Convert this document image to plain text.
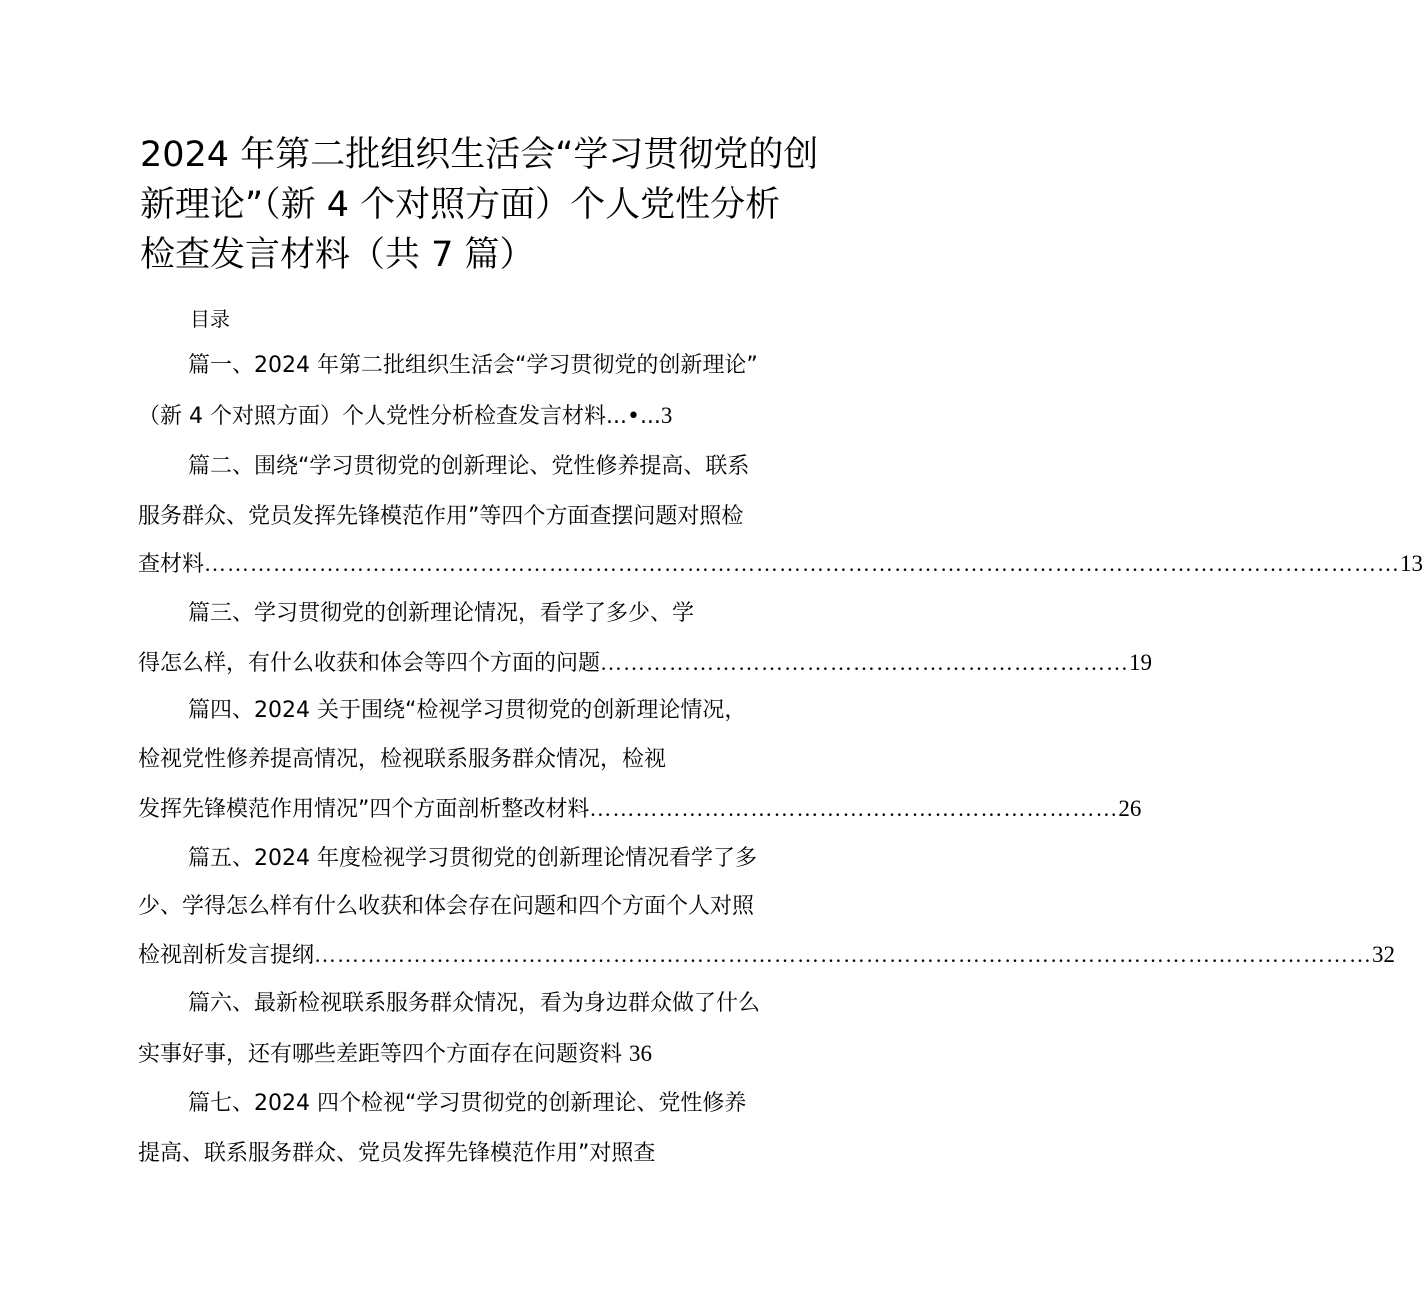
2024 年第二批组织生活会“学习贯彻党的创
新理论”（新 4 个对照方面）个人党性分析
检查发言材料（共 7 篇）
目录
篇一、2024 年第二批组织生活会“学习贯彻党的创新理论”
（新 4 个对照方面）个人党性分析检查发言材料...•...3
篇二、围绕“学习贯彻党的创新理论、党性修养提高、联系
服务群众、党员发挥先锋模范作用”等四个方面查摆问题对照检
查材料 ………………………………………………………………………………………………………………………………………… 13
篇三、学习贯彻党的创新理论情况，看学了多少、学
得怎么样，有什么收获和体会等四个方面的问题 …………………………………………………………… 19
篇四、2024 关于围绕“检视学习贯彻党的创新理论情况，
检视党性修养提高情况，检视联系服务群众情况，检视
发挥先锋模范作用情况”四个方面剖析整改材料 …………………………………………………………… 26
篇五、2024 年度检视学习贯彻党的创新理论情况看学了多
少、学得怎么样有什么收获和体会存在问题和四个方面个人对照
检视剖析发言提纲 ………………………………………………………………………………………………………………………… 32
篇六、最新检视联系服务群众情况，看为身边群众做了什么
实事好事，还有哪些差距等四个方面存在问题资料 36
篇七、2024 四个检视“学习贯彻党的创新理论、党性修养
提高、联系服务群众、党员发挥先锋模范作用”对照查
